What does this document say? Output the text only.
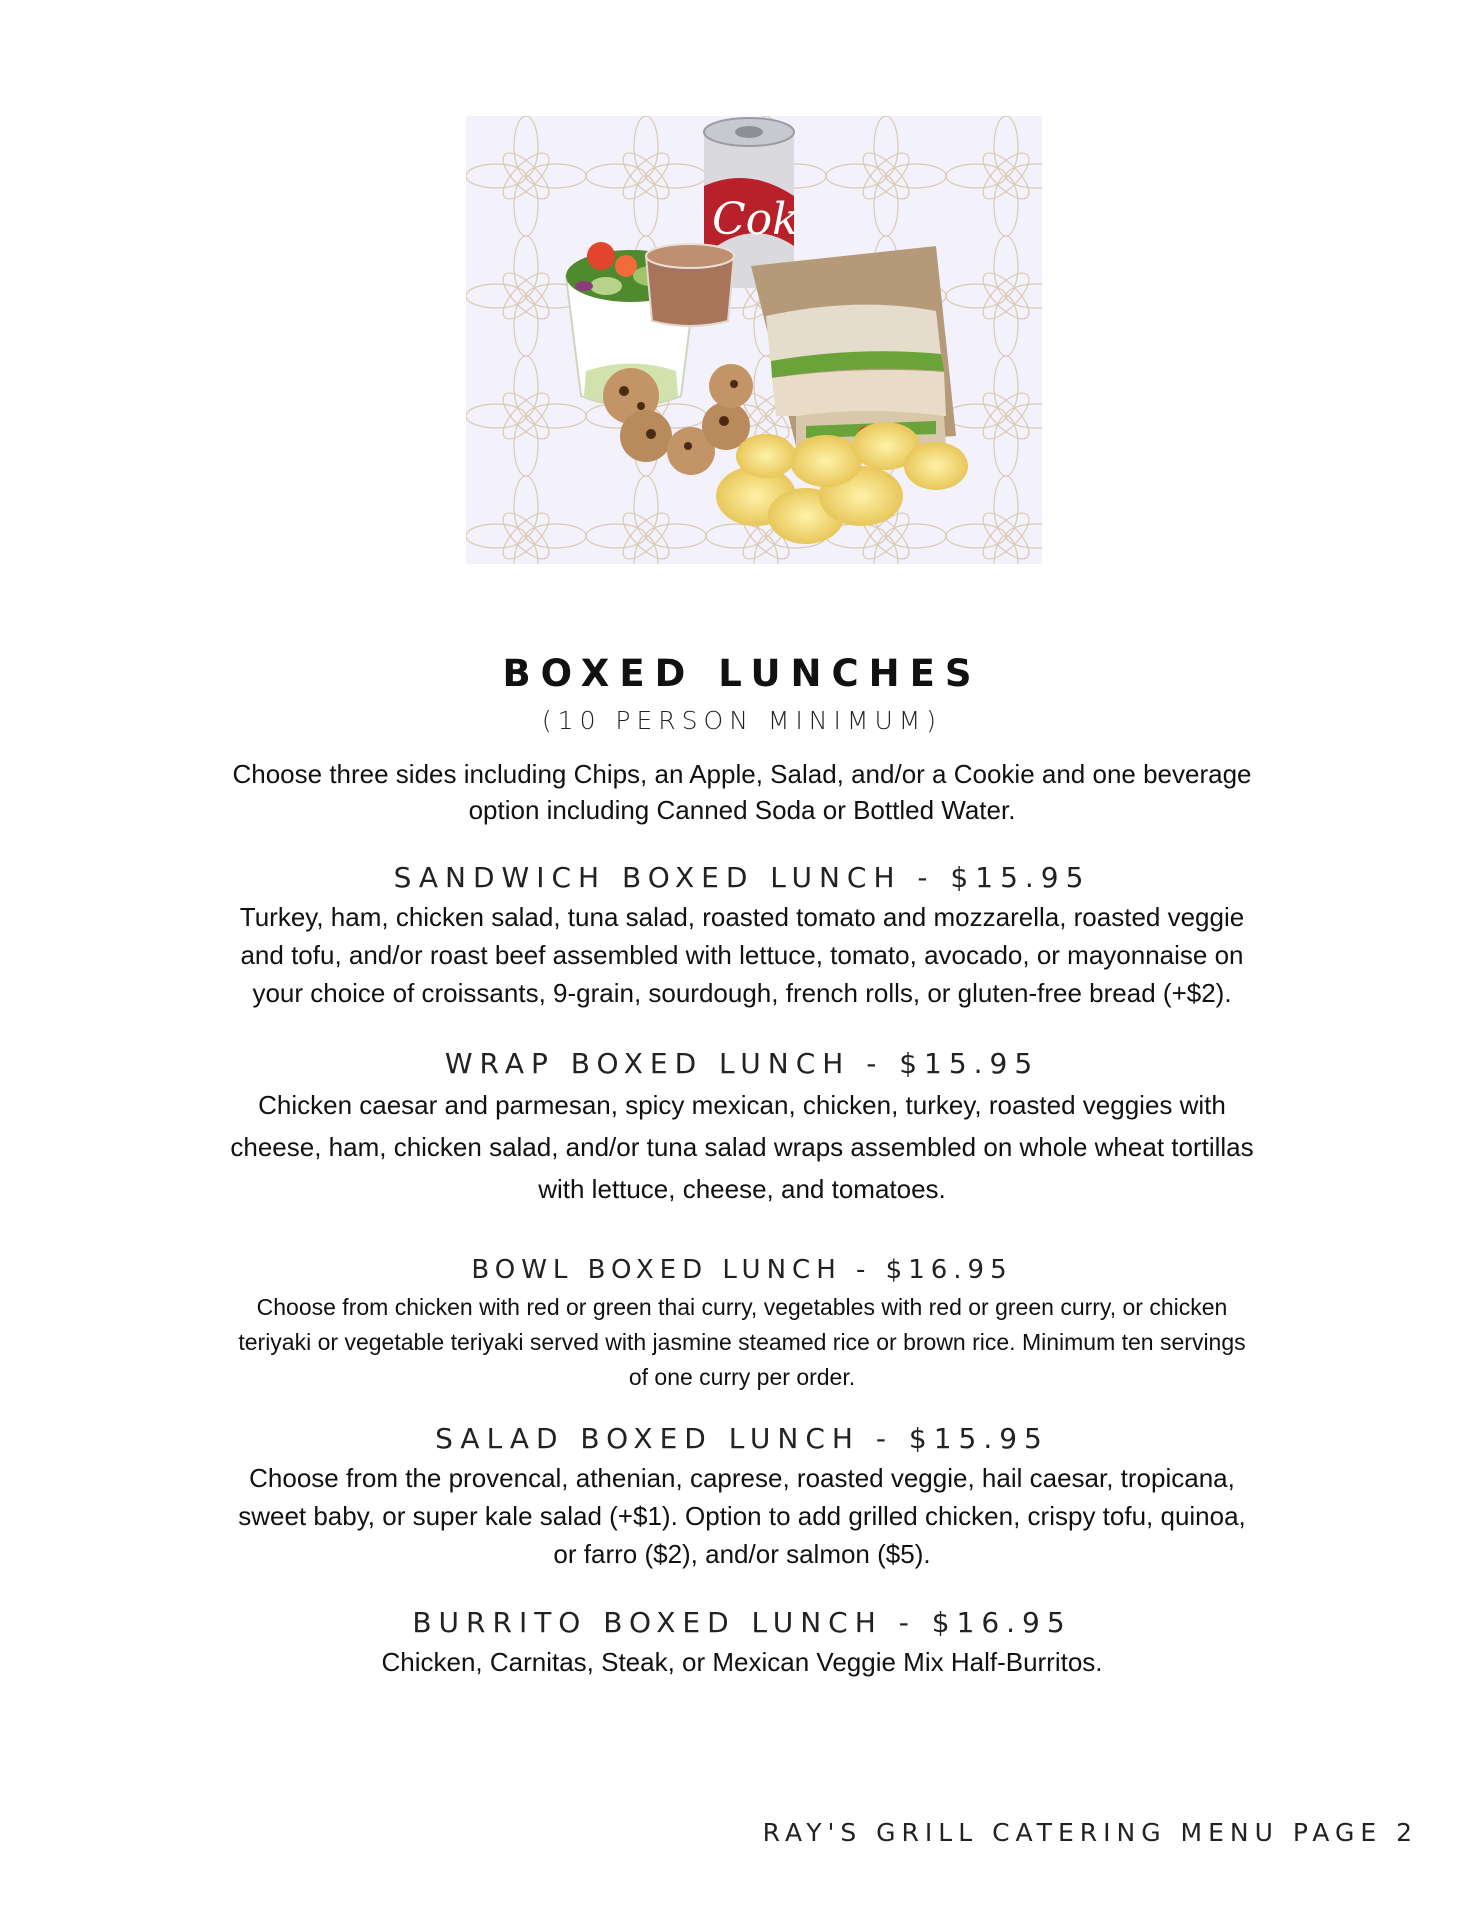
Cok
BOXED LUNCHES
(10 PERSON MINIMUM)
Choose three sides including Chips, an Apple, Salad, and/or a Cookie and one beverage option including Canned Soda or Bottled Water.
SANDWICH BOXED LUNCH - $15.95
Turkey, ham, chicken salad, tuna salad, roasted tomato and mozzarella, roasted veggie and tofu, and/or roast beef assembled with lettuce, tomato, avocado, or mayonnaise on your choice of croissants, 9-grain, sourdough, french rolls, or gluten-free bread (+$2).
WRAP BOXED LUNCH - $15.95
Chicken caesar and parmesan, spicy mexican, chicken, turkey, roasted veggies with cheese, ham, chicken salad, and/or tuna salad wraps assembled on whole wheat tortillas with lettuce, cheese, and tomatoes.
BOWL BOXED LUNCH - $16.95
Choose from chicken with red or green thai curry, vegetables with red or green curry, or chicken teriyaki or vegetable teriyaki served with jasmine steamed rice or brown rice. Minimum ten servings of one curry per order.
SALAD BOXED LUNCH - $15.95
Choose from the provencal, athenian, caprese, roasted veggie, hail caesar, tropicana, sweet baby, or super kale salad (+$1). Option to add grilled chicken, crispy tofu, quinoa, or farro ($2), and/or salmon ($5).
BURRITO BOXED LUNCH - $16.95
Chicken, Carnitas, Steak, or Mexican Veggie Mix Half-Burritos.
RAY'S GRILL CATERING MENU PAGE 2
